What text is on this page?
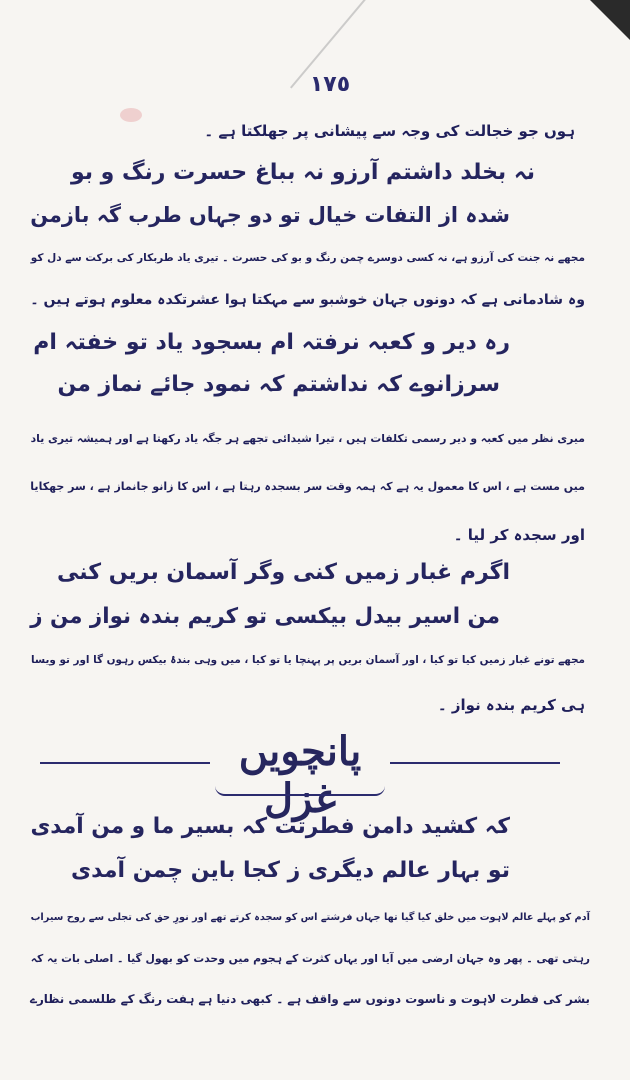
١٧٥
ہوں جو خجالت کی وجہ سے پیشانی پر جھلکتا ہے ۔
نہ بخلد داشتم آرزو نہ بباغ حسرت رنگ و بو
شدہ از التفات خیال تو دو جہاں طرب گہ بازمن
مجھے نہ جنت کی آرزو ہے، نہ کسی دوسرے چمن رنگ و بو کی حسرت ۔ تیری یاد طربکار کی برکت سے دل کو
وہ شادمانی ہے کہ دونوں جہان خوشبو سے مہکتا ہوا عشرتکدہ معلوم ہوتے ہیں ۔
رہ دیر و کعبہ نرفتہ ام بسجود یاد تو خفتہ ام
سرزانوے کہ نداشتم کہ نمود جائے نماز من
میری نظر میں کعبہ و دیر رسمی تکلفات ہیں ، تیرا شیدائی تجھے ہر جگہ یاد رکھتا ہے اور ہمیشہ تیری یاد
میں مست ہے ، اس کا معمول یہ ہے کہ ہمہ وقت سر بسجدہ رہتا ہے ، اس کا زانو جانماز ہے ، سر جھکایا
اور سجدہ کر لیا ۔
اگرم غبار زمیں کنی وگر آسمان بریں کنی
من اسیر بیدل بیکسی تو کریم بندہ نواز من ز
مجھے تونے غبار زمیں کیا تو کیا ، اور آسمان بریں پر پہنچا یا تو کیا ، میں وہی بندۂ بیکس رہوں گا اور تو ویسا
ہی کریم بندہ نواز ۔
پانچویں غزل
کہ کشید دامن فطرتت کہ بسیر ما و من آمدی
تو بہار عالم دیگری ز کجا باین چمن آمدی
آدم کو پہلے عالم لاہوت میں خلق کیا گیا تھا جہاں فرشتے اس کو سجدہ کرتے تھے اور نورِ حق کی تجلی سے روح سیراب
رہتی تھی ۔ پھر وہ جہان ارضی میں آیا اور یہاں کثرت کے ہجوم میں وحدت کو بھول گیا ۔ اصلی بات یہ کہ
بشر کی فطرت لاہوت و ناسوت دونوں سے واقف ہے ۔ کبھی دنیا ہے ہفت رنگ کے طلسمی نظارے
